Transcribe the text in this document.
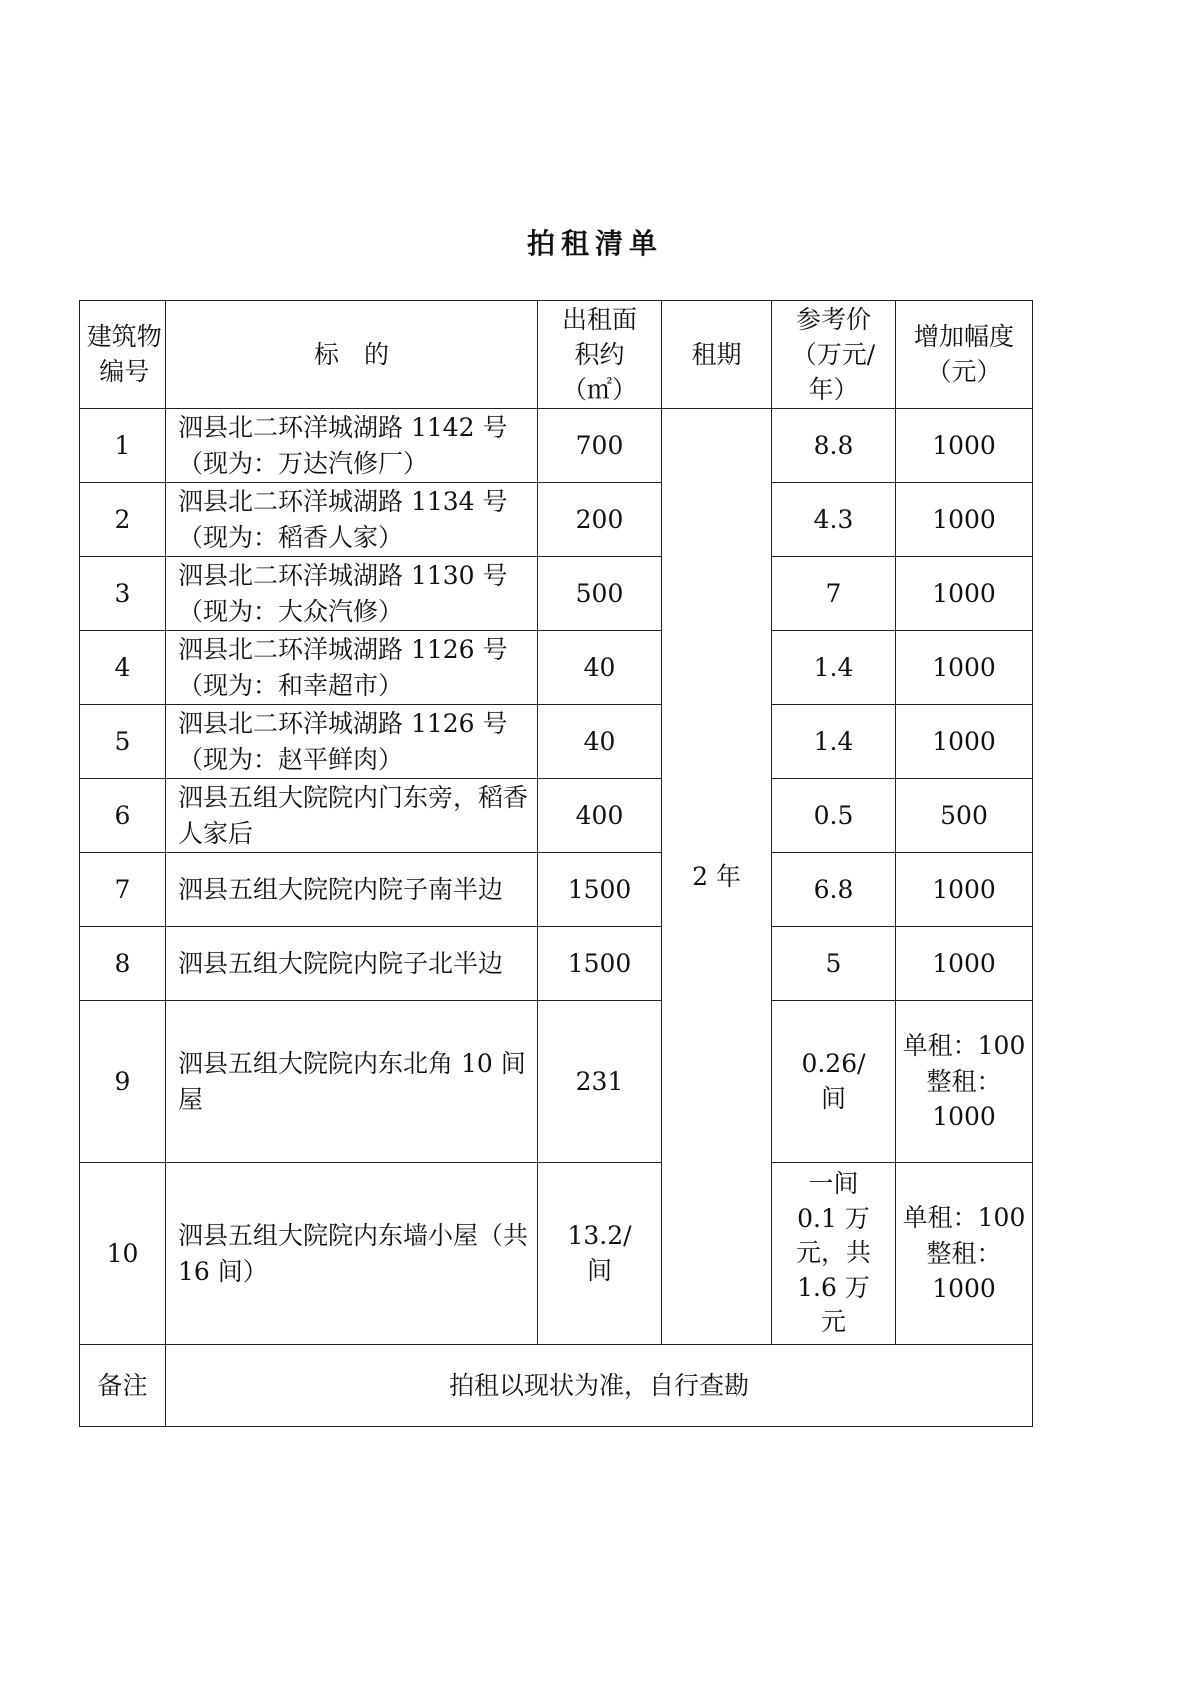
拍租清单
建筑物编号	标　的	出租面积约（㎡）	租期	参考价（万元/年）	增加幅度（元）
1	泗县北二环洋城湖路 1142 号（现为：万达汽修厂）	700	2 年	8.8	1000
2	泗县北二环洋城湖路 1134 号（现为：稻香人家）	200		4.3	1000
3	泗县北二环洋城湖路 1130 号（现为：大众汽修）	500		7	1000
4	泗县北二环洋城湖路 1126 号（现为：和幸超市）	40		1.4	1000
5	泗县北二环洋城湖路 1126 号（现为：赵平鲜肉）	40		1.4	1000
6	泗县五组大院院内门东旁，稻香人家后	400		0.5	500
7	泗县五组大院院内院子南半边	1500		6.8	1000
8	泗县五组大院院内院子北半边	1500		5	1000
9	泗县五组大院院内东北角 10 间屋	231		0.26/间	单租：100
整租：1000

10	泗县五组大院院内东墙小屋（共 16 间）	13.2/间		一间 0.1 万元，共 1.6 万元	单租：100
整租：1000

备注	拍租以现状为准，自行查勘				
